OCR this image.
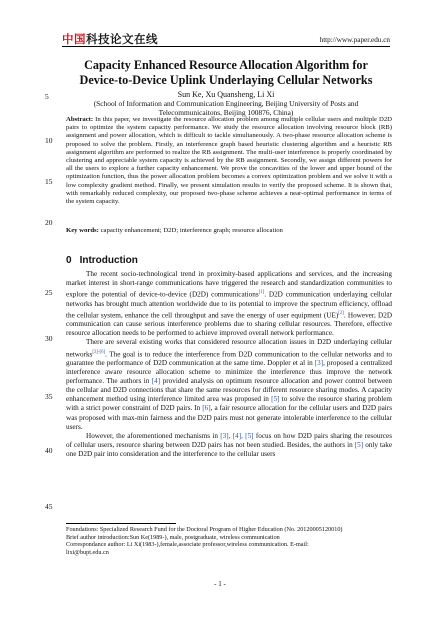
中国科技论文在线	http://www.paper.edu.cn
Capacity Enhanced Resource Allocation Algorithm for
Device-to-Device Uplink Underlaying Cellular Networks
Sun Ke, Xu Quansheng, Li Xi
(School of Information and Communication Engineering, Beijing University of Posts and
Telecommunicaitons, Beijing 100876, China)

Abstract: In this paper, we investigate the resource allocation problem among multiple cellular users and multiple D2D pairs to optimize the system capacity performance. We study the resource allocation involving resource block (RB) assignment and power allocation, which is difficult to tackle simultaneously. A two-phase resource allocation scheme is proposed to solve the problem. Firstly, an interference graph based heuristic clustering algorithm and a heuristic RB assignment algorithm are performed to realize the RB assignment. The multi-user interference is properly coordinated by clustering and appreciable system capacity is achieved by the RB assignment. Secondly, we assign different powers for all the users to explore a further capacity enhancement. We prove the concavities of the lower and upper bound of the optimization function, thus the power allocation problem becomes a convex optimization problem and we solve it with a low complexity gradient method. Finally, we present simulation results to verify the proposed scheme. It is shown that, with remarkably reduced complexity, our proposed two-phase scheme achieves a near-optimal performance in terms of the system capacity.

Key words: capacity enhancement; D2D; interference graph; resource allocation

5
10
15
20
25
30
35
40
45
0 Introduction

The recent socio-technological trend in proximity-based applications and services, and the increasing market interest in short-range communications have triggered the research and standardization communities to explore the potential of device-to-device (D2D) communications[1]. D2D communication underlaying cellular networks has brought much attention worldwide due to its potential to improve the spectrum efficiency, offload the cellular system, enhance the cell throughput and save the energy of user equipment (UE)[2]. However, D2D communication can cause serious interference problems due to sharing cellular resources. Therefore, effective resource allocation needs to be performed to achieve improved overall network performance.

There are several existing works that considered resource allocation issues in D2D underlaying cellular networks[3]-[6]. The goal is to reduce the interference from D2D communication to the cellular networks and to guarantee the performance of D2D communication at the same time. Doppler et al in [3], proposed a centralized interference aware resource allocation scheme to minimize the interference thus improve the network performance. The authors in [4] provided analysis on optimum resource allocation and power control between the cellular and D2D connections that share the same resources for different resource sharing modes. A capacity enhancement method using interference limited area was proposed in [5] to solve the resource sharing problem with a strict power constraint of D2D pairs. In [6], a fair resource allocation for the cellular users and D2D pairs was proposed with max-min fairness and the D2D pairs must not generate intolerable interference to the cellular users.

However, the aforementioned mechanisms in [3], [4], [5] focus on how D2D pairs sharing the resources of cellular users, resource sharing between D2D pairs has not been studied. Besides, the authors in [5] only take one D2D pair into consideration and the interference to the cellular users

Foundations: Specialized Research Fund for the Doctoral Program of Higher Education (No. 20120005120010)
Brief author introduction:Sun Ke(1989-), male, postgraduate, wireless communication
Correspondance author: Li Xi(1983-),female,associate professor,wireless communication. E-mail:
lixi@bupt.edu.cn
- 1 -
